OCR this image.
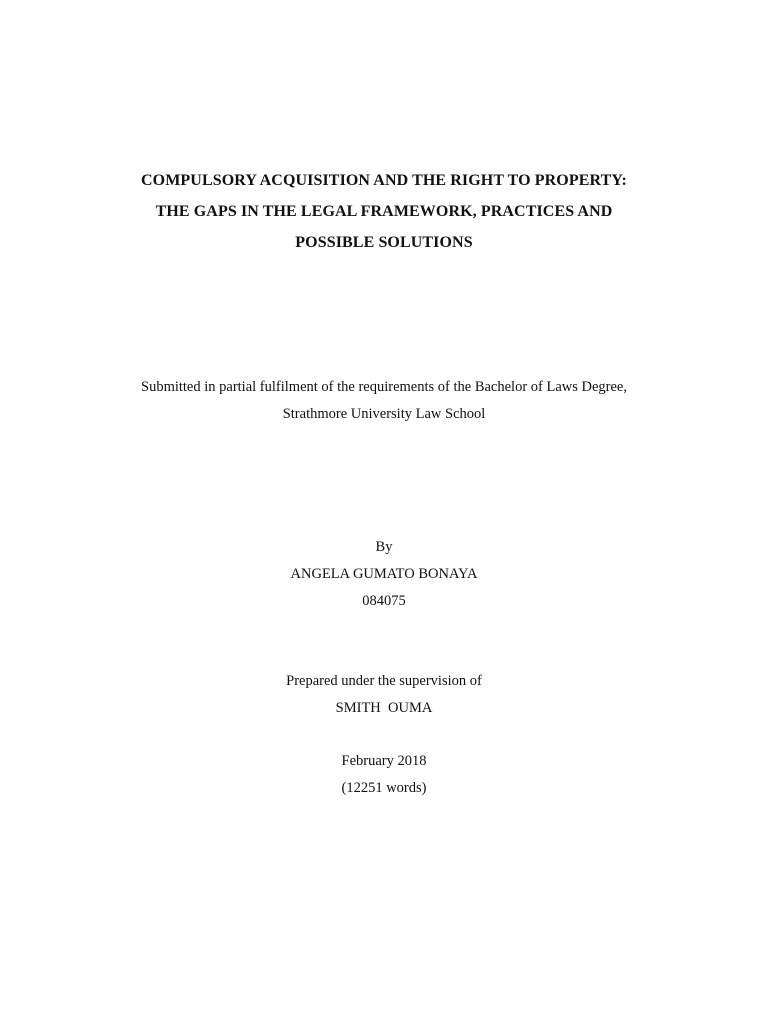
COMPULSORY ACQUISITION AND THE RIGHT TO PROPERTY:
THE GAPS IN THE LEGAL FRAMEWORK, PRACTICES AND
POSSIBLE SOLUTIONS
Submitted in partial fulfilment of the requirements of the Bachelor of Laws Degree,
Strathmore University Law School
By
ANGELA GUMATO BONAYA
084075
Prepared under the supervision of
SMITH  OUMA
February 2018
(12251 words)
